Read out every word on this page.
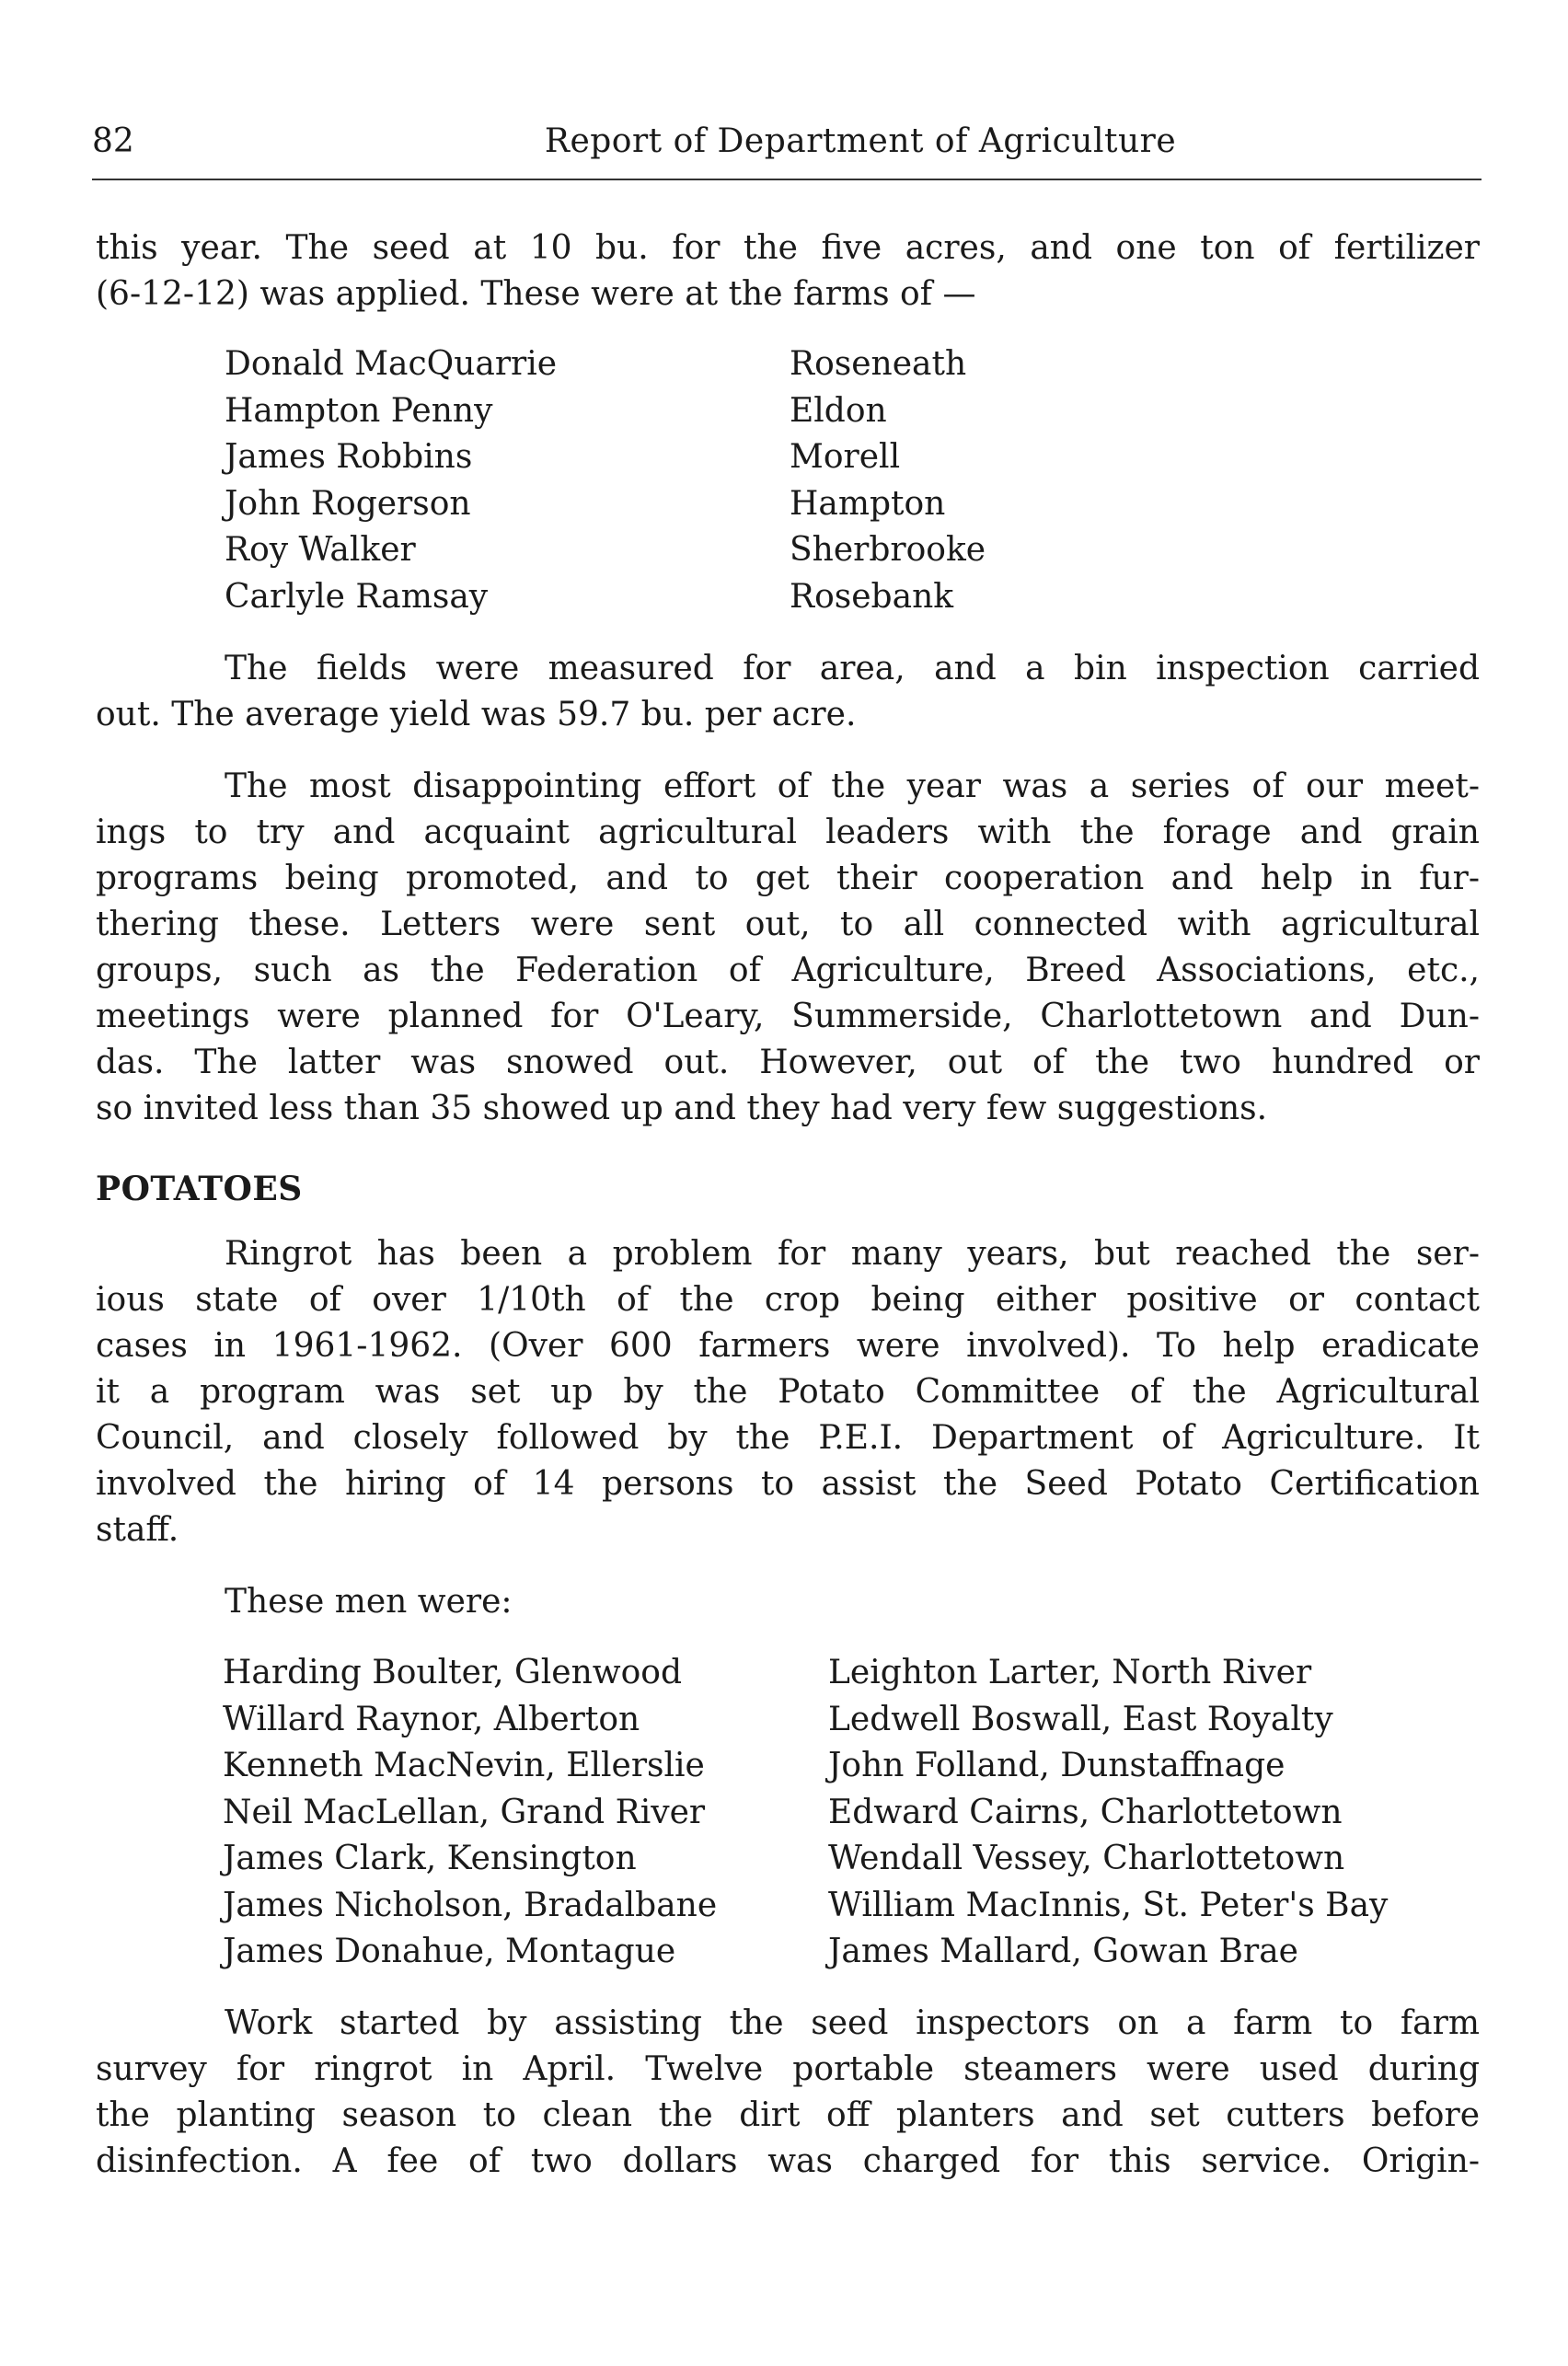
82	Report of Department of Agriculture
this year. The seed at 10 bu. for the five acres, and one ton of fertilizer
(6-12-12) was applied. These were at the farms of —
Donald MacQuarrie
Hampton Penny
James Robbins
John Rogerson
Roy Walker
Carlyle Ramsay
Roseneath
Eldon
Morell
Hampton
Sherbrooke
Rosebank
The fields were measured for area, and a bin inspection carried
out. The average yield was 59.7 bu. per acre.
The most disappointing effort of the year was a series of our meet-
ings to try and acquaint agricultural leaders with the forage and grain
programs being promoted, and to get their cooperation and help in fur-
thering these. Letters were sent out, to all connected with agricultural
groups, such as the Federation of Agriculture, Breed Associations, etc.,
meetings were planned for O'Leary, Summerside, Charlottetown and Dun-
das. The latter was snowed out. However, out of the two hundred or
so invited less than 35 showed up and they had very few suggestions.
POTATOES
Ringrot has been a problem for many years, but reached the ser-
ious state of over 1/10th of the crop being either positive or contact
cases in 1961-1962. (Over 600 farmers were involved). To help eradicate
it a program was set up by the Potato Committee of the Agricultural
Council, and closely followed by the P.E.I. Department of Agriculture. It
involved the hiring of 14 persons to assist the Seed Potato Certification
staff.
These men were:
Harding Boulter, Glenwood
Willard Raynor, Alberton
Kenneth MacNevin, Ellerslie
Neil MacLellan, Grand River
James Clark, Kensington
James Nicholson, Bradalbane
James Donahue, Montague
Leighton Larter, North River
Ledwell Boswall, East Royalty
John Folland, Dunstaffnage
Edward Cairns, Charlottetown
Wendall Vessey, Charlottetown
William MacInnis, St. Peter's Bay
James Mallard, Gowan Brae
Work started by assisting the seed inspectors on a farm to farm
survey for ringrot in April. Twelve portable steamers were used during
the planting season to clean the dirt off planters and set cutters before
disinfection. A fee of two dollars was charged for this service. Origin-
